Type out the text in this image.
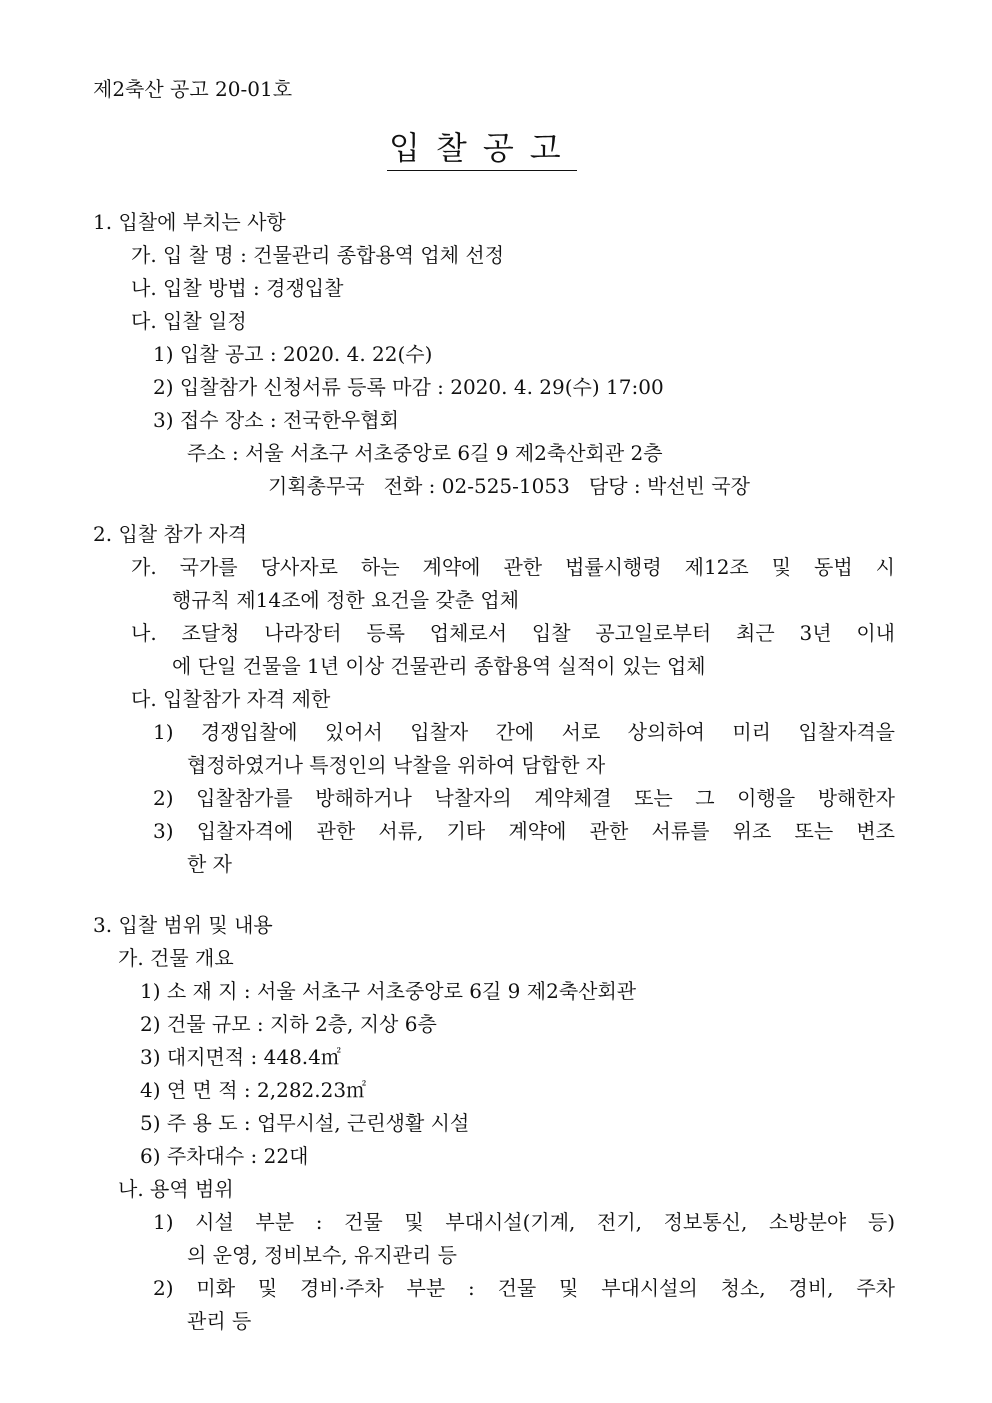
제2축산 공고 20-01호
입찰공고
1. 입찰에 부치는 사항
가. 입 찰 명 : 건물관리 종합용역 업체 선정
나. 입찰 방법 : 경쟁입찰
다. 입찰 일정
1) 입찰 공고 : 2020. 4. 22(수)
2) 입찰참가 신청서류 등록 마감 : 2020. 4. 29(수) 17:00
3) 접수 장소 : 전국한우협회
주소 : 서울 서초구 서초중앙로 6길 9 제2축산회관 2층
기획총무국   전화 : 02-525-1053   담당 : 박선빈 국장
2. 입찰 참가 자격
가. 국가를 당사자로 하는 계약에 관한 법률시행령 제12조 및 동법 시
행규칙 제14조에 정한 요건을 갖춘 업체
나. 조달청 나라장터 등록 업체로서 입찰 공고일로부터 최근 3년 이내
에 단일 건물을 1년 이상 건물관리 종합용역 실적이 있는 업체
다. 입찰참가 자격 제한
1) 경쟁입찰에 있어서 입찰자 간에 서로 상의하여 미리 입찰자격을
협정하였거나 특정인의 낙찰을 위하여 담합한 자
2) 입찰참가를 방해하거나 낙찰자의 계약체결 또는 그 이행을 방해한자
3) 입찰자격에 관한 서류, 기타 계약에 관한 서류를 위조 또는 변조
한 자
3. 입찰 범위 및 내용
가. 건물 개요
1) 소 재 지 : 서울 서초구 서초중앙로 6길 9 제2축산회관
2) 건물 규모 : 지하 2층, 지상 6층
3) 대지면적 : 448.4㎡
4) 연 면 적 : 2,282.23㎡
5) 주 용 도 : 업무시설, 근린생활 시설
6) 주차대수 : 22대
나. 용역 범위
1) 시설 부분 : 건물 및 부대시설(기계, 전기, 정보통신, 소방분야 등)
의 운영, 정비보수, 유지관리 등
2) 미화 및 경비·주차 부분 : 건물 및 부대시설의 청소, 경비, 주차
관리 등
